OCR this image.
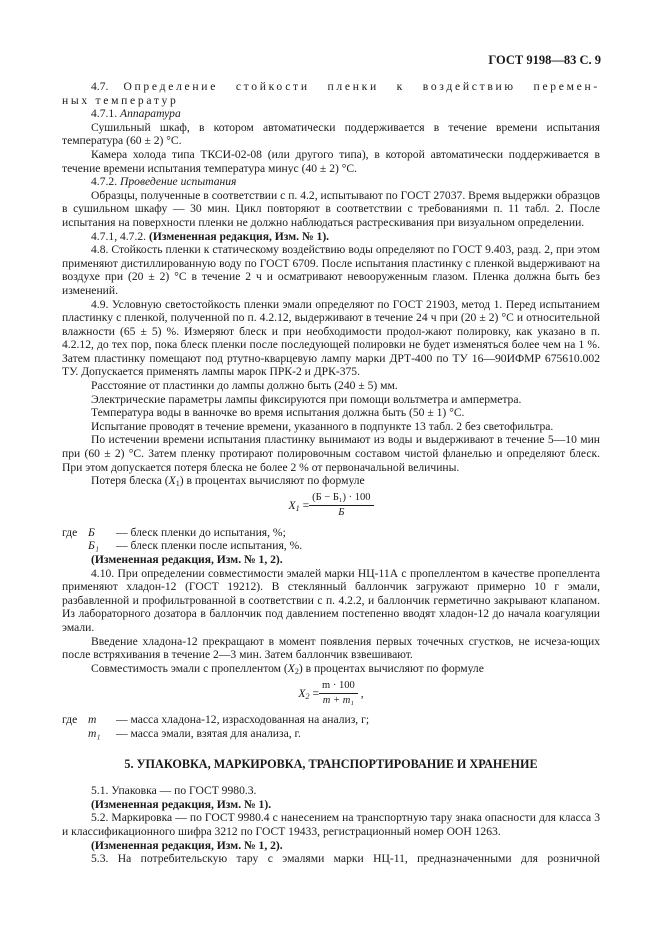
ГОСТ 9198—83 С. 9

4.7. Определение стойкости пленки к воздействию перемен-

ных температур

4.7.1. Аппаратура

Сушильный шкаф, в котором автоматически поддерживается в течение времени испытания температура (60 ± 2) °С.

Камера холода типа ТКСИ-02-08 (или другого типа), в которой автоматически поддерживается в течение времени испытания температура минус (40 ± 2) °С.

4.7.2. Проведение испытания

Образцы, полученные в соответствии с п. 4.2, испытывают по ГОСТ 27037. Время выдержки образцов в сушильном шкафу — 30 мин. Цикл повторяют в соответствии с требованиями п. 11 табл. 2. После испытания на поверхности пленки не должно наблюдаться растрескивания при визуальном определении.

4.7.1, 4.7.2. (Измененная редакция, Изм. № 1).

4.8. Стойкость пленки к статическому воздействию воды определяют по ГОСТ 9.403, разд. 2, при этом применяют дистиллированную воду по ГОСТ 6709. После испытания пластинку с пленкой выдерживают на воздухе при (20 ± 2) °С в течение 2 ч и осматривают невооруженным глазом. Пленка должна быть без изменений.

4.9. Условную светостойкость пленки эмали определяют по ГОСТ 21903, метод 1. Перед испытанием пластинку с пленкой, полученной по п. 4.2.12, выдерживают в течение 24 ч при (20 ± 2) °С и относительной влажности (65 ± 5) %. Измеряют блеск и при необходимости продол-жают полировку, как указано в п. 4.2.12, до тех пор, пока блеск пленки после последующей полировки не будет изменяться более чем на 1 %. Затем пластинку помещают под ртутно-кварцевую лампу марки ДРТ-400 по ТУ 16—90ИФМР 675610.002 ТУ. Допускается применять лампы марок ПРК-2 и ДРК-375.

Расстояние от пластинки до лампы должно быть (240 ± 5) мм.

Электрические параметры лампы фиксируются при помощи вольтметра и амперметра.

Температура воды в ванночке во время испытания должна быть (50 ± 1) °С.

Испытание проводят в течение времени, указанного в подпункте 13 табл. 2 без светофильтра.

По истечении времени испытания пластинку вынимают из воды и выдерживают в течение 5—10 мин при (60 ± 2) °С. Затем пленку протирают полировочным составом чистой фланелью и определяют блеск. При этом допускается потеря блеска не более 2 % от первоначальной величины.

Потеря блеска $(X_1)$ в процентах вычисляют по формуле

$X_1 = \frac{\text{(Б − Б₁) · 100}}{Б}$
где Б	— блеск пленки до испытания, %;
Б₁	— блеск пленки после испытания, %.

(Измененная редакция, Изм. № 1, 2).

4.10. При определении совместимости эмалей марки НЦ-11А с пропеллентом в качестве пропеллента применяют хладон-12 (ГОСТ 19212). В стеклянный баллончик загружают примерно 10 г эмали, разбавленной и профильтрованной в соответствии с п. 4.2.2, и баллончик герметично закрывают клапаном. Из лабораторного дозатора в баллончик под давлением постепенно вводят хладон-12 до начала коагуляции эмали.

Введение хладона-12 прекращают в момент появления первых точечных сгустков, не исчеза-ющих после встряхивания в течение 2—3 мин. Затем баллончик взвешивают.

Совместимость эмали с пропеллентом $(X_2)$ в процентах вычисляют по формуле

$X_2 = \frac{m \cdot 100}{\text{m + m₁}}$ ,
где m	— масса хладона-12, израсходованная на анализ, г;
m₁	— масса эмали, взятая для анализа, г.
5. УПАКОВКА, МАРКИРОВКА, ТРАНСПОРТИРОВАНИЕ И ХРАНЕНИЕ

5.1. Упаковка — по ГОСТ 9980.3.

(Измененная редакция, Изм. № 1).

5.2. Маркировка — по ГОСТ 9980.4 с нанесением на транспортную тару знака опасности для класса 3 и классификационного шифра 3212 по ГОСТ 19433, регистрационный номер ООН 1263.

(Измененная редакция, Изм. № 1, 2).

5.3. На потребительскую тару с эмалями марки НЦ-11, предназначенными для розничной
